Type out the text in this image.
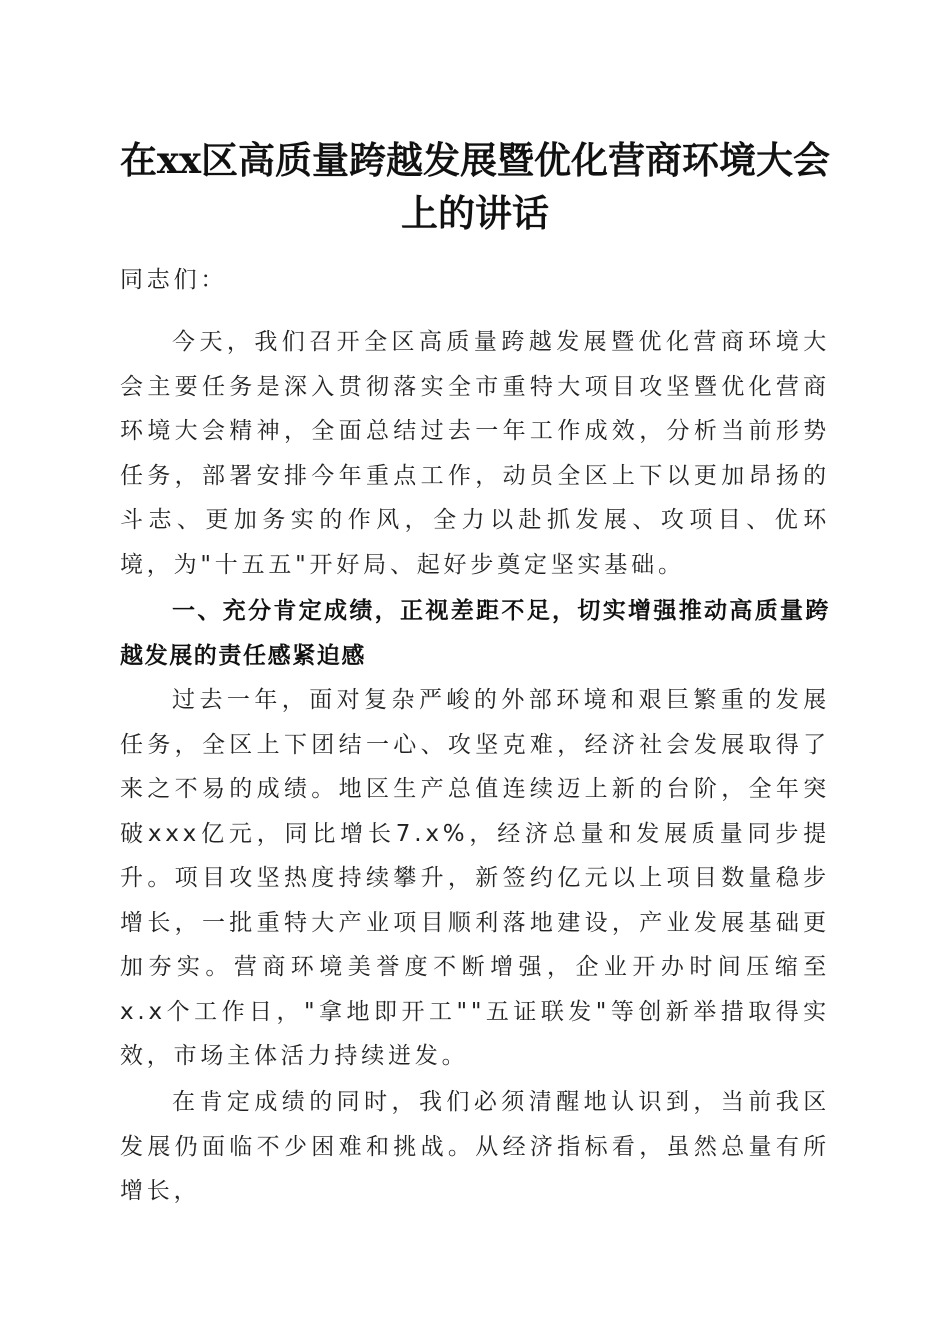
在xx区高质量跨越发展暨优化营商环境大会
上的讲话

同志们：

今天，我们召开全区高质量跨越发展暨优化营商环境大会主要任务是深入贯彻落实全市重特大项目攻坚暨优化营商环境大会精神，全面总结过去一年工作成效，分析当前形势任务，部署安排今年重点工作，动员全区上下以更加昂扬的斗志、更加务实的作风，全力以赴抓发展、攻项目、优环境，为"十五五"开好局、起好步奠定坚实基础。

一、充分肯定成绩，正视差距不足，切实增强推动高质量跨越发展的责任感紧迫感

过去一年，面对复杂严峻的外部环境和艰巨繁重的发展任务，全区上下团结一心、攻坚克难，经济社会发展取得了来之不易的成绩。地区生产总值连续迈上新的台阶，全年突破xxx亿元，同比增长7.x%，经济总量和发展质量同步提升。项目攻坚热度持续攀升，新签约亿元以上项目数量稳步增长，一批重特大产业项目顺利落地建设，产业发展基础更加夯实。营商环境美誉度不断增强，企业开办时间压缩至x.x个工作日，"拿地即开工""五证联发"等创新举措取得实效，市场主体活力持续迸发。

在肯定成绩的同时，我们必须清醒地认识到，当前我区发展仍面临不少困难和挑战。从经济指标看，虽然总量有所增长，
